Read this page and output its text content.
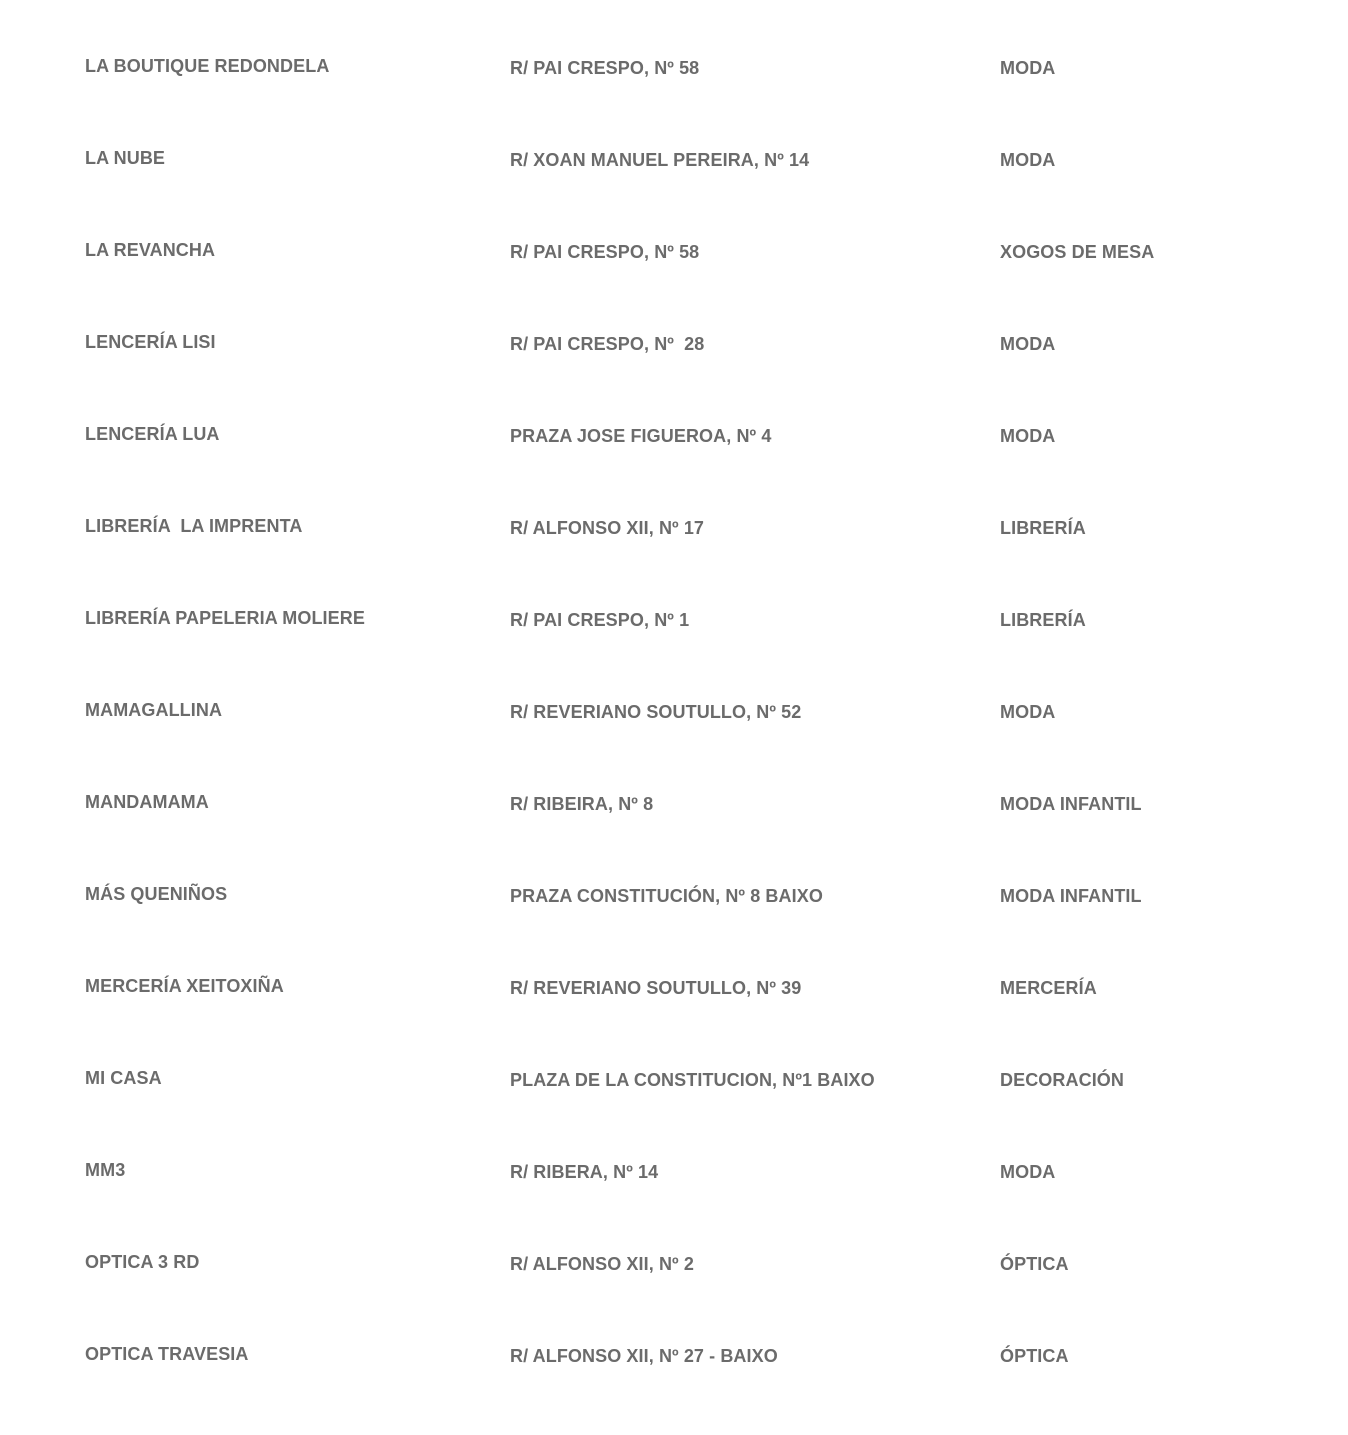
LA BOUTIQUE REDONDELA	R/ PAI CRESPO, Nº 58	MODA
LA NUBE	R/ XOAN MANUEL PEREIRA, Nº 14	MODA
LA REVANCHA	R/ PAI CRESPO, Nº 58	XOGOS DE MESA
LENCERÍA LISI	R/ PAI CRESPO, Nº  28	MODA
LENCERÍA LUA	PRAZA JOSE FIGUEROA, Nº 4	MODA
LIBRERÍA  LA IMPRENTA	R/ ALFONSO XII, Nº 17	LIBRERÍA
LIBRERÍA PAPELERIA MOLIERE	R/ PAI CRESPO, Nº 1	LIBRERÍA
MAMAGALLINA	R/ REVERIANO SOUTULLO, Nº 52	MODA
MANDAMAMA	R/ RIBEIRA, Nº 8	MODA INFANTIL
MÁS QUENIÑOS	PRAZA CONSTITUCIÓN, Nº 8 BAIXO	MODA INFANTIL
MERCERÍA XEITOXIÑA	R/ REVERIANO SOUTULLO, Nº 39	MERCERÍA
MI CASA	PLAZA DE LA CONSTITUCION, Nº1 BAIXO	DECORACIÓN
MM3	R/ RIBERA, Nº 14	MODA
OPTICA 3 RD	R/ ALFONSO XII, Nº 2	ÓPTICA
OPTICA TRAVESIA	R/ ALFONSO XII, Nº 27 - BAIXO	ÓPTICA
